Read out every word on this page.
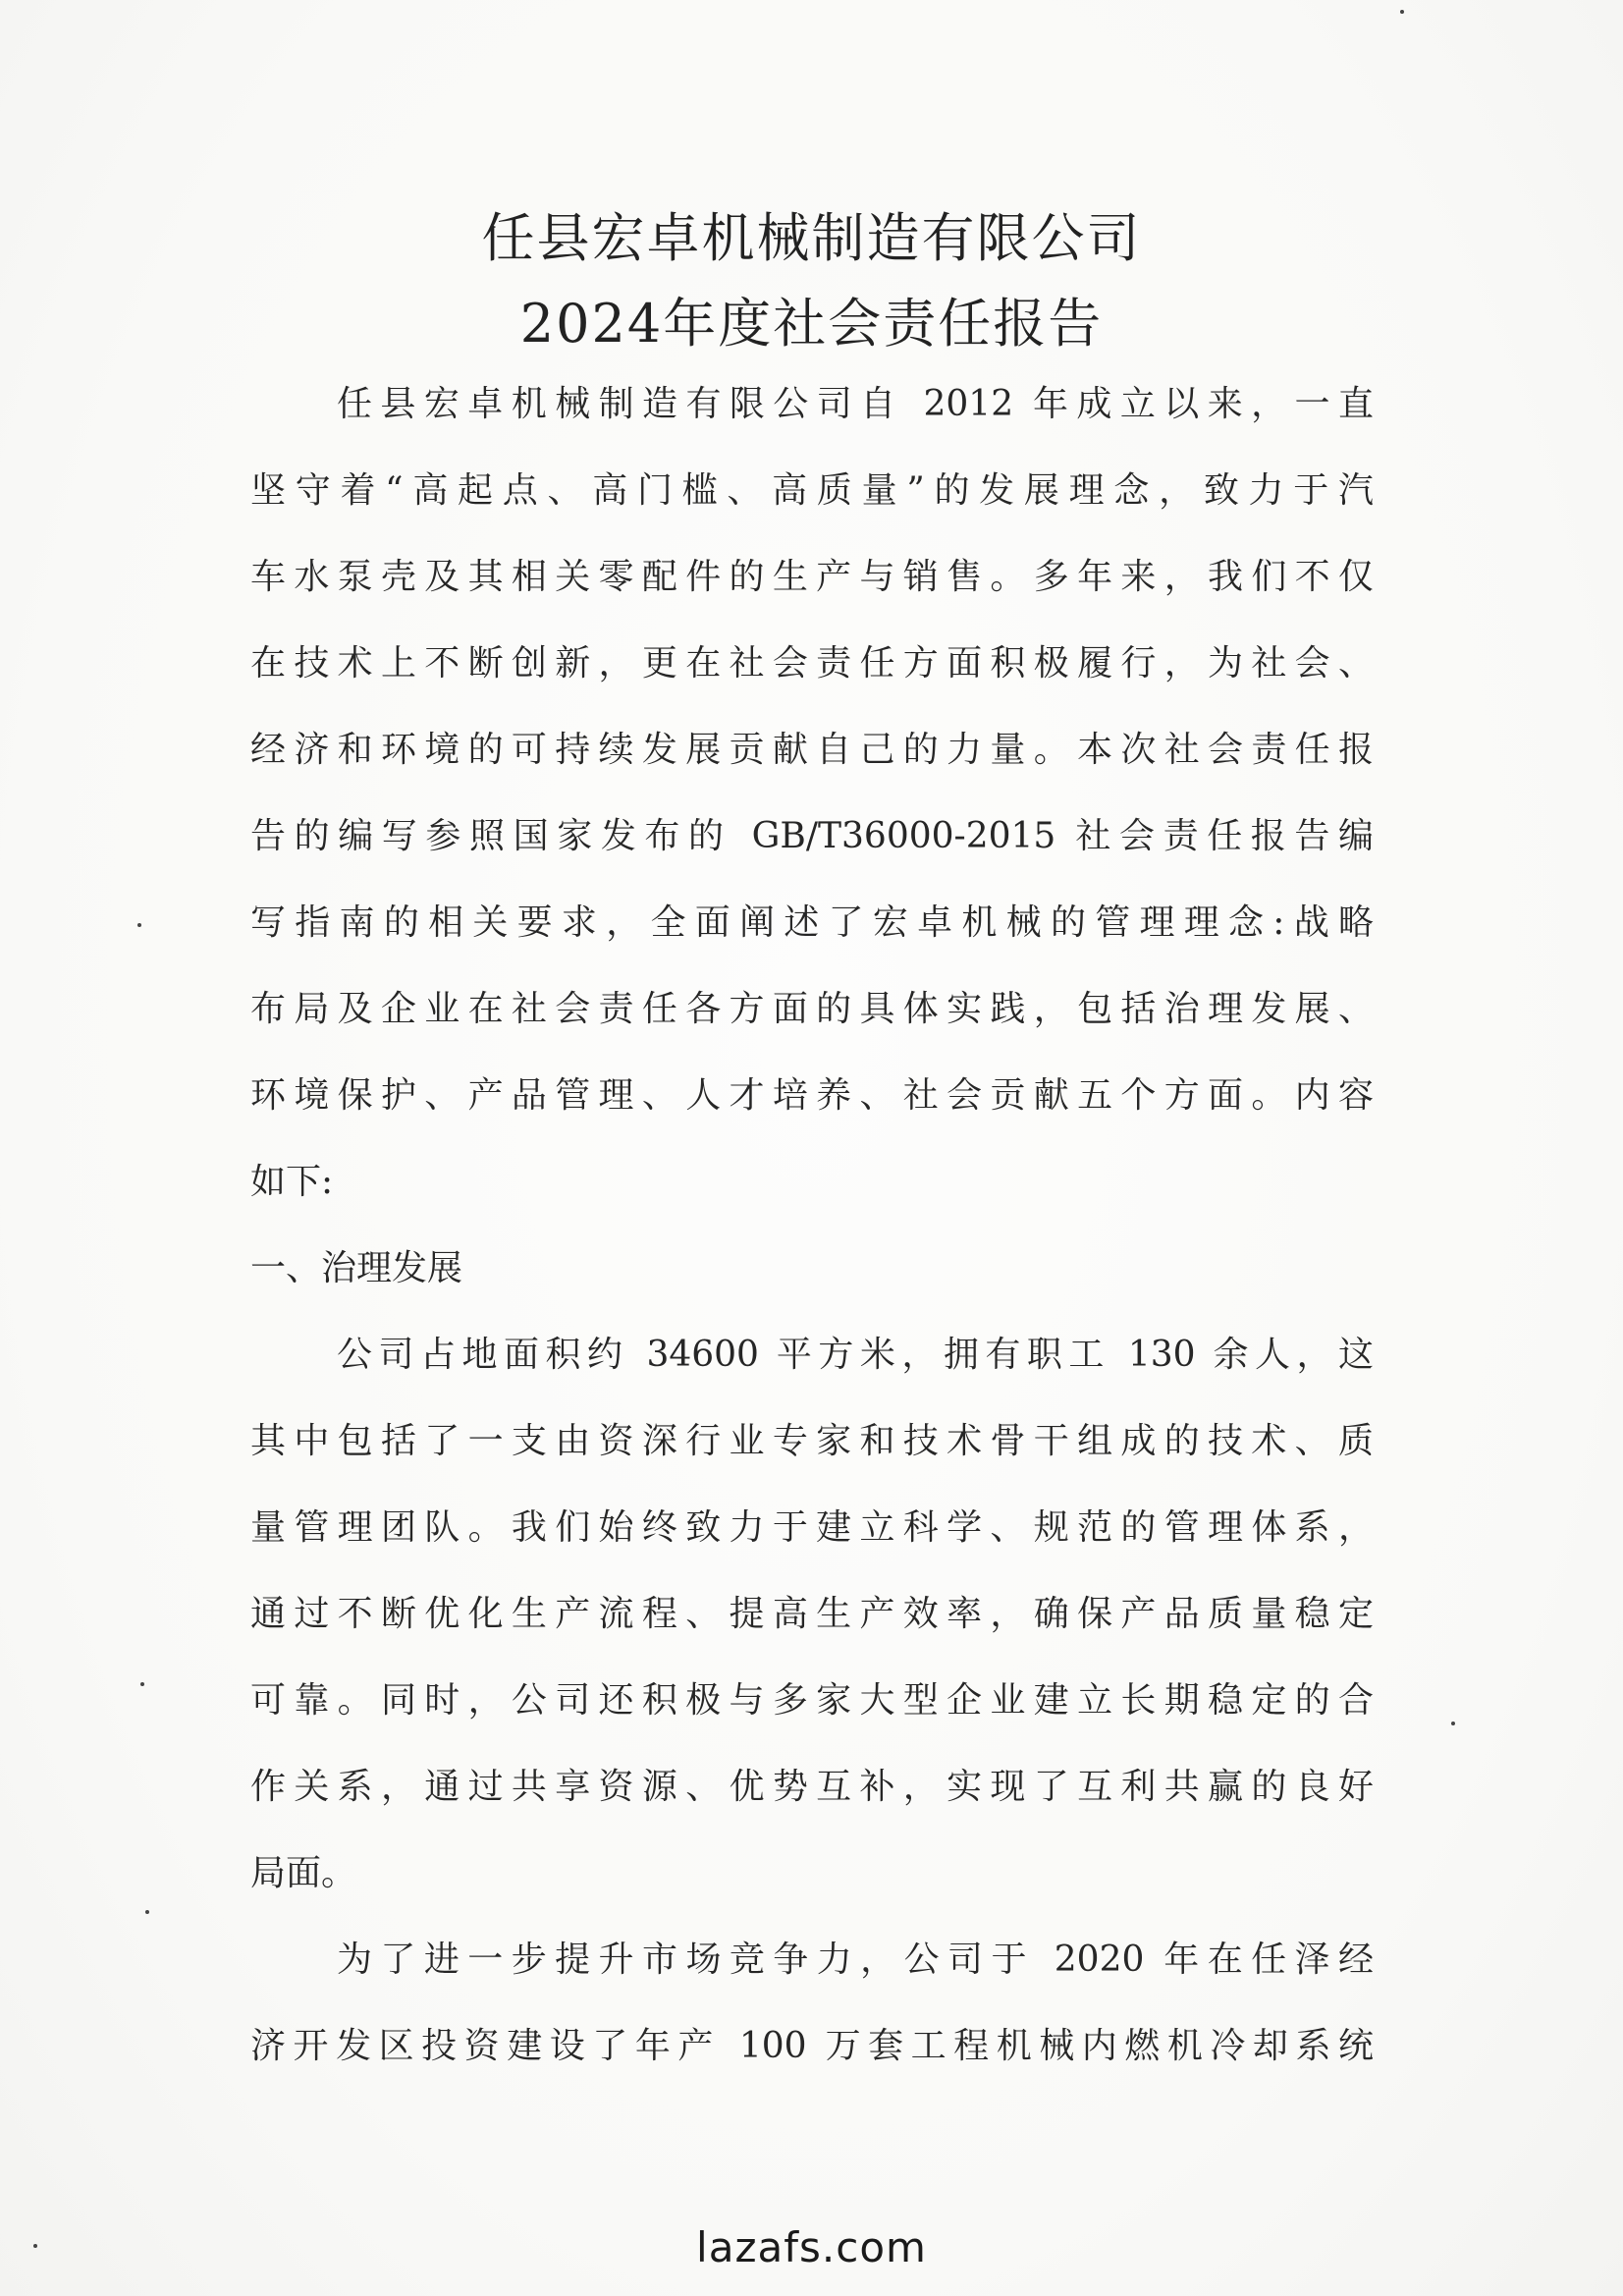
任县宏卓机械制造有限公司
2024年度社会责任报告
任县宏卓机械制造有限公司自 2012 年成立以来，一直
坚守着“高起点、高门槛、高质量”的发展理念，致力于汽
车水泵壳及其相关零配件的生产与销售。多年来，我们不仅
在技术上不断创新，更在社会责任方面积极履行，为社会、
经济和环境的可持续发展贡献自己的力量。本次社会责任报
告的编写参照国家发布的 GB/T36000-2015 社会责任报告编
写指南的相关要求，全面阐述了宏卓机械的管理理念:战略
布局及企业在社会责任各方面的具体实践，包括治理发展、
环境保护、产品管理、人才培养、社会贡献五个方面。内容
如下:
一、治理发展
公司占地面积约 34600 平方米，拥有职工 130 余人，这
其中包括了一支由资深行业专家和技术骨干组成的技术、质
量管理团队。我们始终致力于建立科学、规范的管理体系，
通过不断优化生产流程、提高生产效率，确保产品质量稳定
可靠。同时，公司还积极与多家大型企业建立长期稳定的合
作关系，通过共享资源、优势互补，实现了互利共赢的良好
局面。
为了进一步提升市场竞争力，公司于 2020 年在任泽经
济开发区投资建设了年产 100 万套工程机械内燃机冷却系统
lazafs.com
